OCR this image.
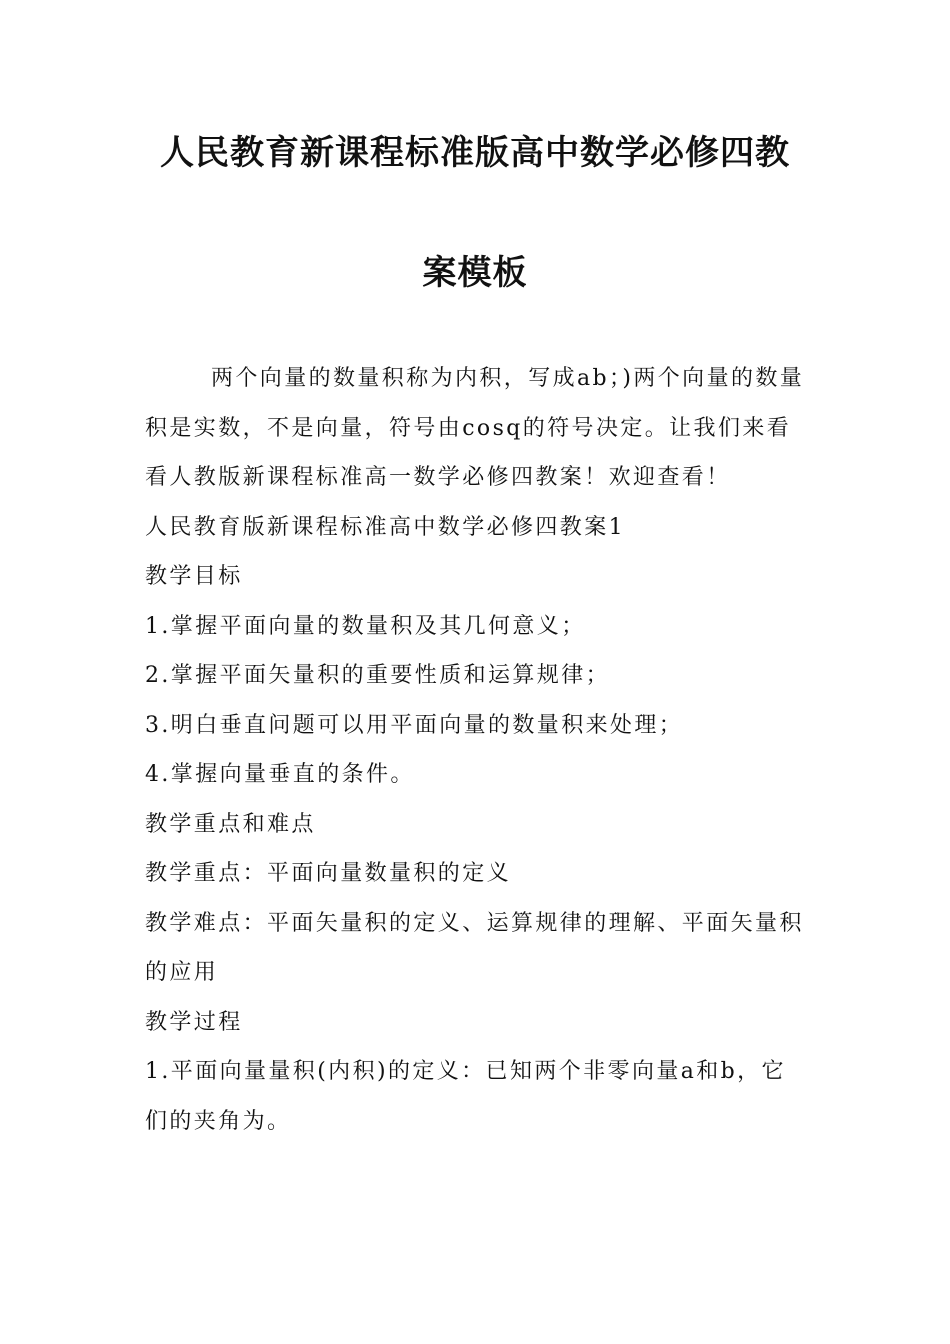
人民教育新课程标准版高中数学必修四教
案模板

两个向量的数量积称为内积，写成ab；)两个向量的数量积是实数，不是向量，符号由cosq的符号决定。让我们来看看人教版新课程标准高一数学必修四教案！欢迎查看！

人民教育版新课程标准高中数学必修四教案1

教学目标

1.掌握平面向量的数量积及其几何意义；

2.掌握平面矢量积的重要性质和运算规律；

3.明白垂直问题可以用平面向量的数量积来处理；

4.掌握向量垂直的条件。

教学重点和难点

教学重点：平面向量数量积的定义

教学难点：平面矢量积的定义、运算规律的理解、平面矢量积的应用

教学过程

1.平面向量量积(内积)的定义：已知两个非零向量a和b，它们的夹角为。
